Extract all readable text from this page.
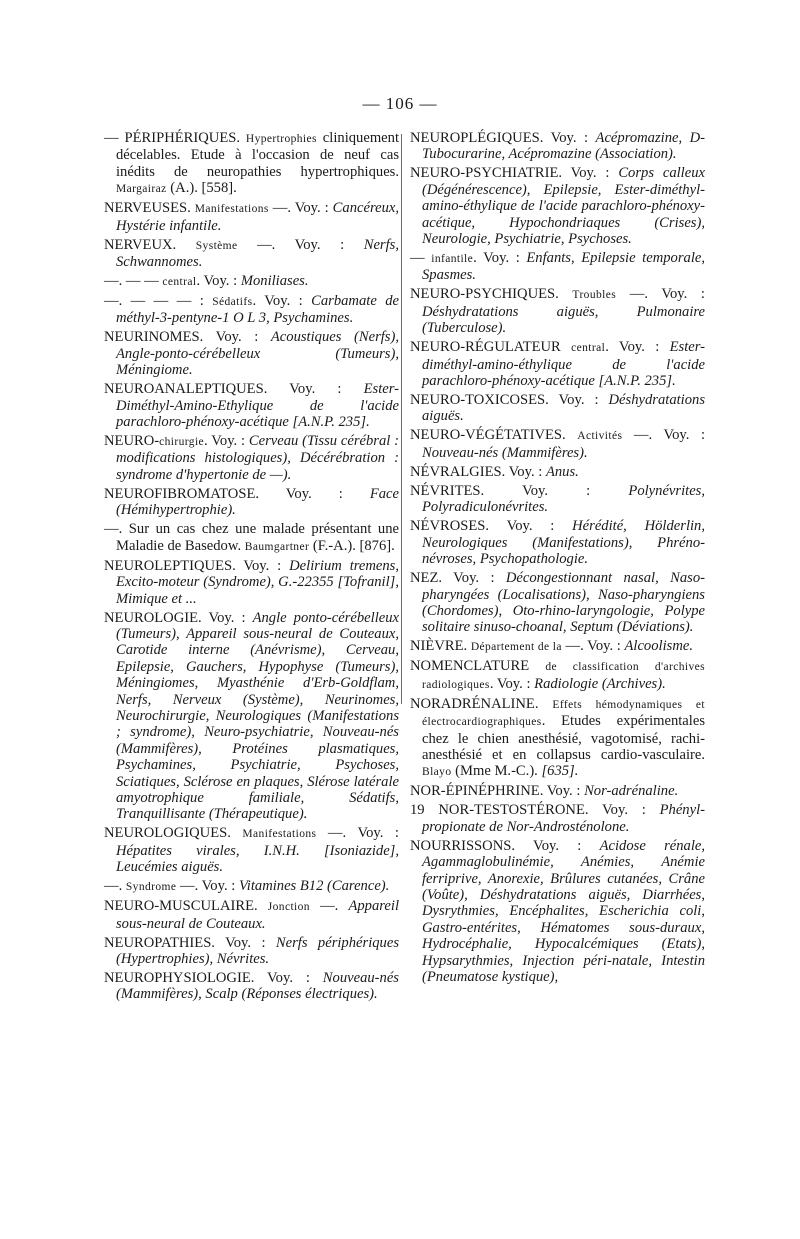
— 106 —

— PÉRIPHÉRIQUES. Hypertrophies cliniquement décelables. Etude à l'occasion de neuf cas inédits de neuropathies hypertrophiques. Margairaz (A.). [558].

NERVEUSES. Manifestations —. Voy. : Cancéreux, Hystérie infantile.

NERVEUX. Système —. Voy. : Nerfs, Schwannomes.

—. — — central. Voy. : Moniliases.

—. — — — : Sédatifs. Voy. : Carbamate de méthyl-3-pentyne-1 O L 3, Psychamines.

NEURINOMES. Voy. : Acoustiques (Nerfs), Angle-ponto-cérébelleux (Tumeurs), Méningiome.

NEUROANALEPTIQUES. Voy. : Ester-Diméthyl-Amino-Ethylique de l'acide parachloro-phénoxy-acétique [A.N.P. 235].

NEURO-chirurgie. Voy. : Cerveau (Tissu cérébral : modifications histologiques), Décérébration : syndrome d'hypertonie de —).

NEUROFIBROMATOSE. Voy. : Face (Hémihypertrophie).

—. Sur un cas chez une malade présentant une Maladie de Basedow. Baumgartner (F.-A.). [876].

NEUROLEPTIQUES. Voy. : Delirium tremens, Excito-moteur (Syndrome), G.-22355 [Tofranil], Mimique et ...

NEUROLOGIE. Voy. : Angle ponto-cérébelleux (Tumeurs), Appareil sous-neural de Couteaux, Carotide interne (Anévrisme), Cerveau, Epilepsie, Gauchers, Hypophyse (Tumeurs), Méningiomes, Myasthénie d'Erb-Goldflam, Nerfs, Nerveux (Système), Neurinomes, Neurochirurgie, Neurologiques (Manifestations ; syndrome), Neuro-psychiatrie, Nouveau-nés (Mammifères), Protéines plasmatiques, Psychamines, Psychiatrie, Psychoses, Sciatiques, Sclérose en plaques, Slérose latérale amyotrophique familiale, Sédatifs, Tranquillisante (Thérapeutique).

NEUROLOGIQUES. Manifestations —. Voy. : Hépatites virales, I.N.H. [Isoniazide], Leucémies aiguës.

—. Syndrome —. Voy. : Vitamines B12 (Carence).

NEURO-MUSCULAIRE. Jonction —. Appareil sous-neural de Couteaux.

NEUROPATHIES. Voy. : Nerfs périphériques (Hypertrophies), Névrites.

NEUROPHYSIOLOGIE. Voy. : Nouveau-nés (Mammifères), Scalp (Réponses électriques).

NEUROPLÉGIQUES. Voy. : Acépromazine, D-Tubocurarine, Acépromazine (Association).

NEURO-PSYCHIATRIE. Voy. : Corps calleux (Dégénérescence), Epilepsie, Ester-diméthyl-amino-éthylique de l'acide parachloro-phénoxy-acétique, Hypochondriaques (Crises), Neurologie, Psychiatrie, Psychoses.

— infantile. Voy. : Enfants, Epilepsie temporale, Spasmes.

NEURO-PSYCHIQUES. Troubles —. Voy. : Déshydratations aiguës, Pulmonaire (Tuberculose).

NEURO-RÉGULATEUR central. Voy. : Ester-diméthyl-amino-éthylique de l'acide parachloro-phénoxy-acétique [A.N.P. 235].

NEURO-TOXICOSES. Voy. : Déshydratations aiguës.

NEURO-VÉGÉTATIVES. Activités —. Voy. : Nouveau-nés (Mammifères).

NÉVRALGIES. Voy. : Anus.

NÉVRITES. Voy. : Polynévrites, Polyradiculonévrites.

NÉVROSES. Voy. : Hérédité, Hölderlin, Neurologiques (Manifestations), Phréno-névroses, Psychopathologie.

NEZ. Voy. : Décongestionnant nasal, Naso-pharyngées (Localisations), Naso-pharyngiens (Chordomes), Oto-rhino-laryngologie, Polype solitaire sinuso-choanal, Septum (Déviations).

NIÈVRE. Département de la —. Voy. : Alcoolisme.

NOMENCLATURE de classification d'archives radiologiques. Voy. : Radiologie (Archives).

NORADRÉNALINE. Effets hémodynamiques et électrocardiographiques. Etudes expérimentales chez le chien anesthésié, vagotomisé, rachi-anesthésié et en collapsus cardio-vasculaire. Blayo (Mme M.-C.). [635].

NOR-ÉPINÉPHRINE. Voy. : Nor-adrénaline.

19 NOR-TESTOSTÉRONE. Voy. : Phényl-propionate de Nor-Androsténolone.

NOURRISSONS. Voy. : Acidose rénale, Agammaglobulinémie, Anémies, Anémie ferriprive, Anorexie, Brûlures cutanées, Crâne (Voûte), Déshydratations aiguës, Diarrhées, Dysrythmies, Encéphalites, Escherichia coli, Gastro-entérites, Hématomes sous-duraux, Hydrocéphalie, Hypocalcémiques (Etats), Hypsarythmies, Injection péri-natale, Intestin (Pneumatose kystique),
